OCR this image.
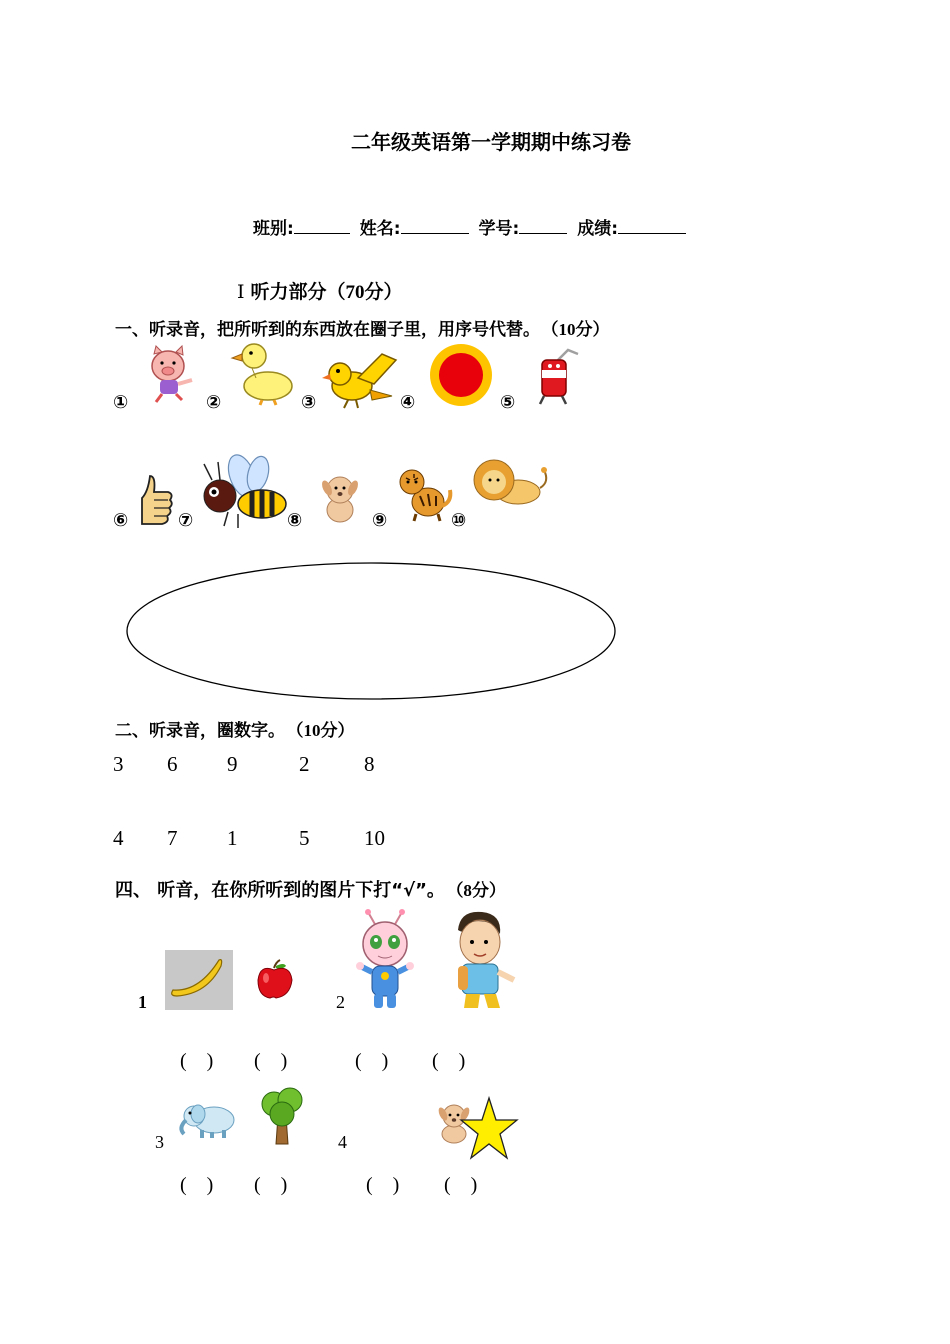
二年级英语第一学期期中练习卷
班别:	姓名:	学号:	成绩:
I 听力部分（70分）
一、听录音，把所听到的东西放在圈子里，用序号代替。 （10分）
①	②	③	④	⑤
⑥	⑦	⑧	⑨	⑩
二、听录音，圈数字。 （10分）
3 6 9	2	8
4 7 1	5	10
四、 听音，在你所听到的图片下打“√”。 （8分）
1	2
(    ) (    )	(    ) (    )
3	4
(    ) (    )	(    ) (    )
